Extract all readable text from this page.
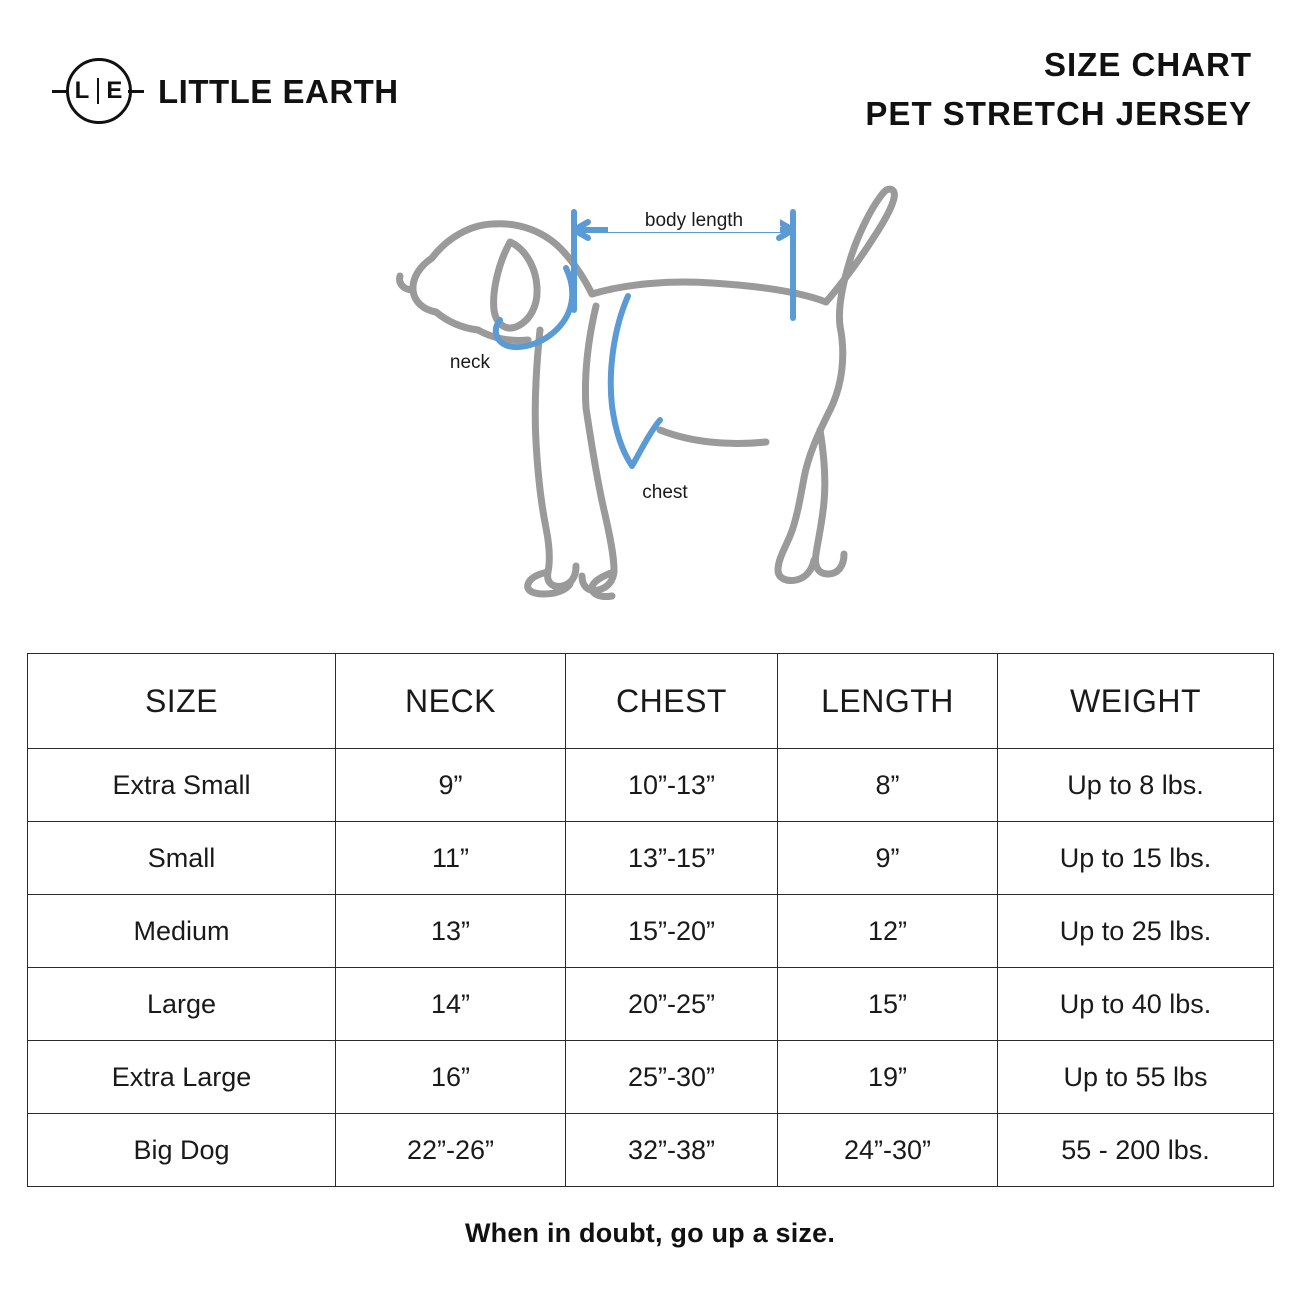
L E LITTLE EARTH
SIZE CHART
PET STRETCH JERSEY
body length
neck
chest
SIZE	NECK	CHEST	LENGTH	WEIGHT
Extra Small	9”	10”-13”	8”	Up to 8 lbs.
Small	11”	13”-15”	9”	Up to 15 lbs.
Medium	13”	15”-20”	12”	Up to 25 lbs.
Large	14”	20”-25”	15”	Up to 40 lbs.
Extra Large	16”	25”-30”	19”	Up to 55 lbs
Big Dog	22”-26”	32”-38”	24”-30”	55 - 200 lbs.
When in doubt, go up a size.
